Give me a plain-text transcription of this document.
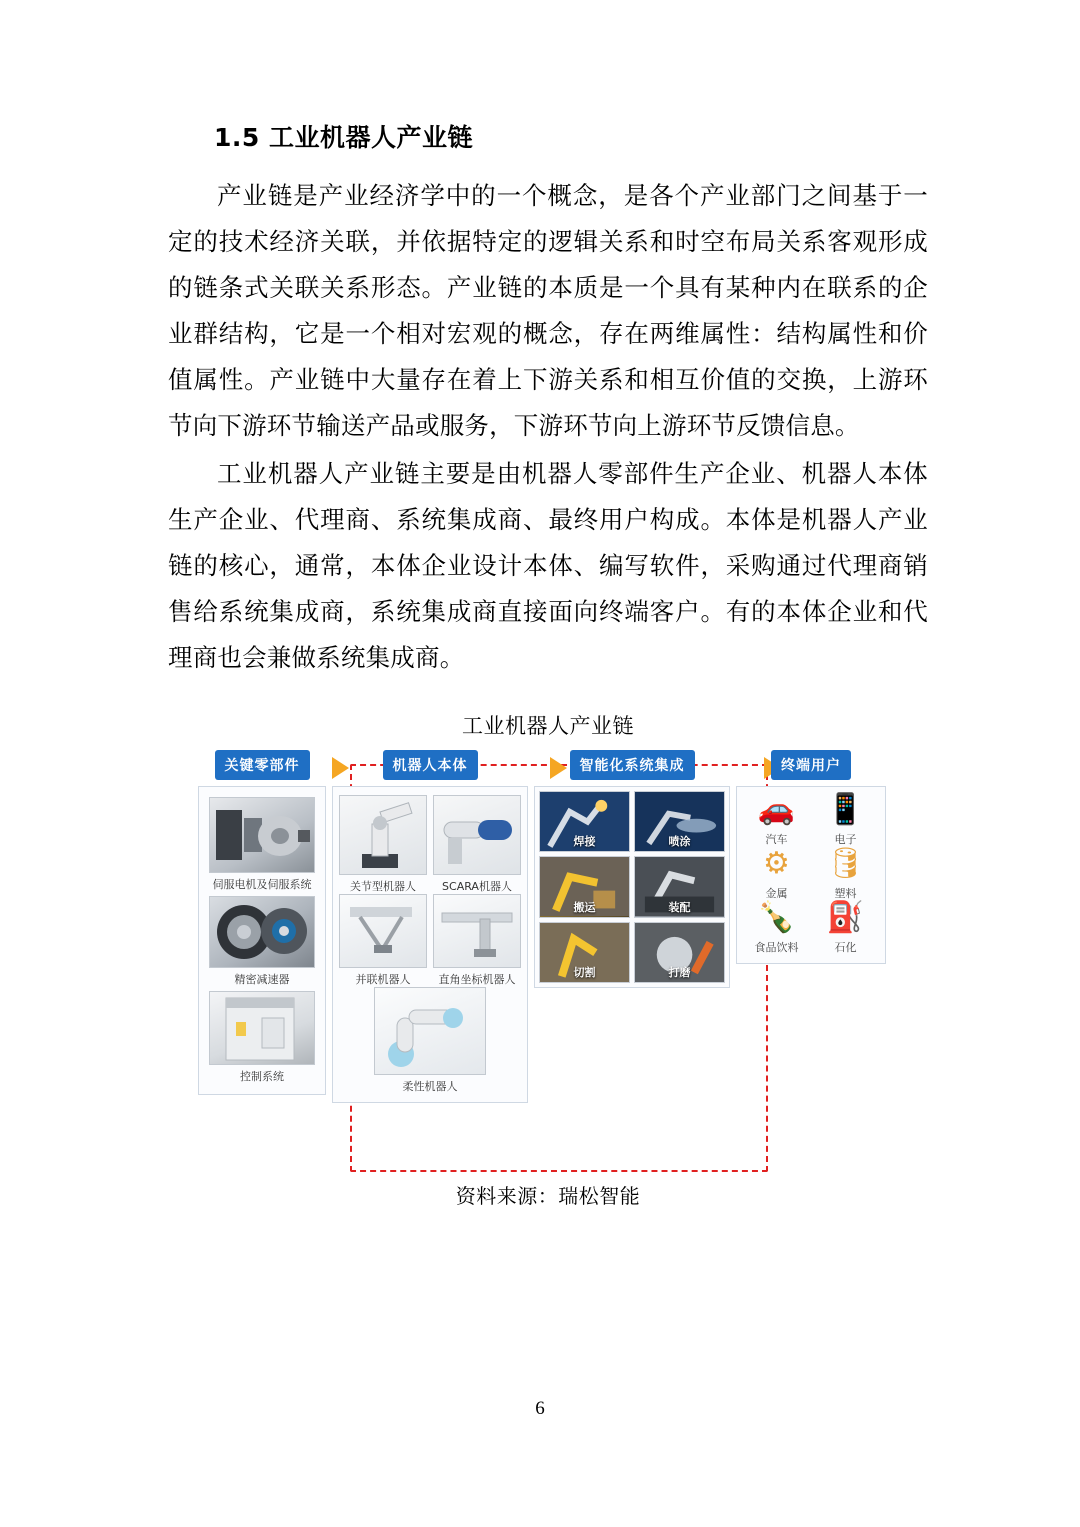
1.5 工业机器人产业链

产业链是产业经济学中的一个概念，是各个产业部门之间基于一定的技术经济关联，并依据特定的逻辑关系和时空布局关系客观形成的链条式关联关系形态。产业链的本质是一个具有某种内在联系的企业群结构，它是一个相对宏观的概念，存在两维属性：结构属性和价值属性。产业链中大量存在着上下游关系和相互价值的交换，上游环节向下游环节输送产品或服务，下游环节向上游环节反馈信息。

工业机器人产业链主要是由机器人零部件生产企业、机器人本体生产企业、代理商、系统集成商、最终用户构成。本体是机器人产业链的核心，通常，本体企业设计本体、编写软件，采购通过代理商销售给系统集成商，系统集成商直接面向终端客户。有的本体企业和代理商也会兼做系统集成商。

工业机器人产业链
关键零部件
伺服电机及伺服系统
精密减速器
控制系统
机器人本体
关节型机器人 SCARA机器人
并联机器人	直角坐标机器人
柔性机器人
智能化系统集成
焊接	喷涂
搬运	装配
切割	打磨
终端用户
🚗
汽车
📱
电子
⚙
金属
🛢
塑料
🍾
食品饮料
⛽
石化
资料来源：瑞松智能
6
